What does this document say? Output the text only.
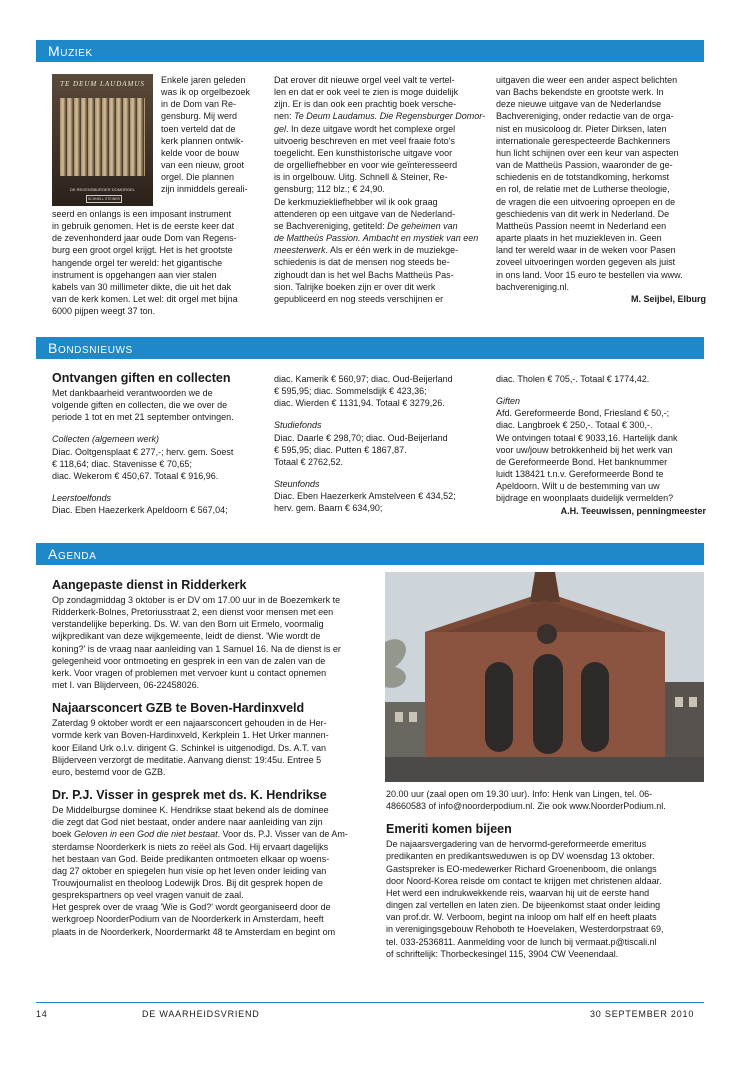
Muziek
TE DEUM LAUDAMUS
DE REGENSBURGER DOMORGEL
SCHNELL STEINER

Enkele jaren geleden

was ik op orgelbezoek

in de Dom van Re-

gensburg. Mij werd

toen verteld dat de

kerk plannen ontwik-

kelde voor de bouw

van een nieuw, groot

orgel. Die plannen

zijn inmiddels gereali-

seerd en onlangs is een imposant instrument

in gebruik genomen. Het is de eerste keer dat

de zevenhonderd jaar oude Dom van Regens-

burg een groot orgel krijgt. Het is het grootste

hangende orgel ter wereld: het gigantische

instrument is opgehangen aan vier stalen

kabels van 30 millimeter dikte, die uit het dak

van de kerk komen. Let wel: dit orgel met bijna

6000 pijpen weegt 37 ton.

Dat erover dit nieuwe orgel veel valt te vertel-

len en dat er ook veel te zien is moge duidelijk

zijn. Er is dan ook een prachtig boek versche-

nen: Te Deum Laudamus. Die Regensburger Domor-

gel. In deze uitgave wordt het complexe orgel

uitvoerig beschreven en met veel fraaie foto's

toegelicht. Een kunsthistorische uitgave voor

de orgelliefhebber en voor wie geïnteresseerd

is in orgelbouw. Uitg. Schnell & Steiner, Re-

gensburg; 112 blz.; € 24,90.

De kerkmuziekliefhebber wil ik ook graag

attenderen op een uitgave van de Nederland-

se Bachvereniging, getiteld: De geheimen van

de Mattheüs Passion. Ambacht en mystiek van een

meesterwerk. Als er één werk in de muziekge-

schiedenis is dat de mensen nog steeds be-

zighoudt dan is het wel Bachs Mattheüs Pas-

sion. Talrijke boeken zijn er over dit werk

gepubliceerd en nog steeds verschijnen er

uitgaven die weer een ander aspect belichten

van Bachs bekendste en grootste werk. In

deze nieuwe uitgave van de Nederlandse

Bachvereniging, onder redactie van de orga-

nist en musicoloog dr. Pieter Dirksen, laten

internationale gerespecteerde Bachkenners

hun licht schijnen over een keur van aspecten

van de Mattheüs Passion, waaronder de ge-

schiedenis en de totstandkoming, herkomst

en rol, de relatie met de Lutherse theologie,

de vragen die een uitvoering oproepen en de

geschiedenis van dit werk in Nederland. De

Mattheüs Passion neemt in Nederland een

aparte plaats in het muziekleven in. Geen

land ter wereld waar in de weken voor Pasen

zoveel uitvoeringen worden gegeven als juist

in ons land. Voor 15 euro te bestellen via www.

bachvereniging.nl.

M. Seijbel, Elburg

Bondsnieuws
Ontvangen giften en collecten

Met dankbaarheid verantwoorden we de

volgende giften en collecten, die we over de

periode 1 tot en met 21 september ontvingen.

Collecten (algemeen werk)

Diac. Ooltgensplaat € 277,-; herv. gem. Soest

€ 118,64; diac. Stavenisse € 70,65;

diac. Wekerom € 450,67. Totaal € 916,96.

Leerstoelfonds

Diac. Eben Haezerkerk Apeldoorn € 567,04;

diac. Kamerik € 560,97; diac. Oud-Beijerland

€ 595,95; diac. Sommelsdijk € 423,36;

diac. Wierden € 1131,94. Totaal € 3279,26.

Studiefonds

Diac. Daarle € 298,70; diac. Oud-Beijerland

€ 595,95; diac. Putten € 1867,87.

Totaal € 2762,52.

Steunfonds

Diac. Eben Haezerkerk Amstelveen € 434,52;

herv. gem. Baarn € 634,90;

diac. Tholen € 705,-. Totaal € 1774,42.

Giften

Afd. Gereformeerde Bond, Friesland € 50,-;

diac. Langbroek € 250,-. Totaal € 300,-.

We ontvingen totaal € 9033,16. Hartelijk dank

voor uw/jouw betrokkenheid bij het werk van

de Gereformeerde Bond. Het banknummer

luidt 138421 t.n.v. Gereformeerde Bond te

Apeldoorn. Wilt u de bestemming van uw

bijdrage en woonplaats duidelijk vermelden?

A.H. Teeuwissen, penningmeester

Agenda
Aangepaste dienst in Ridderkerk

Op zondagmiddag 3 oktober is er DV om 17.00 uur in de Boezemkerk te

Ridderkerk-Bolnes, Pretoriusstraat 2, een dienst voor mensen met een

verstandelijke beperking. Ds. W. van den Born uit Ermelo, voormalig

wijkpredikant van deze wijkgemeente, leidt de dienst. 'Wie wordt de

koning?' is de vraag naar aanleiding van 1 Samuel 16. Na de dienst is er

gelegenheid voor ontmoeting en gesprek in een van de zalen van de

kerk. Voor vragen of problemen met vervoer kunt u contact opnemen

met I. van Blijderveen, 06-22458026.

Najaarsconcert GZB te Boven-Hardinxveld

Zaterdag 9 oktober wordt er een najaarsconcert gehouden in de Her-

vormde kerk van Boven-Hardinxveld, Kerkplein 1. Het Urker mannen-

koor Eiland Urk o.l.v. dirigent G. Schinkel is uitgenodigd. Ds. A.T. van

Blijderveen verzorgt de meditatie. Aanvang dienst: 19:45u. Entree 5

euro, bestemd voor de GZB.

Dr. P.J. Visser in gesprek met ds. K. Hendrikse

De Middelburgse dominee K. Hendrikse staat bekend als de dominee

die zegt dat God niet bestaat, onder andere naar aanleiding van zijn

boek Geloven in een God die niet bestaat. Voor ds. P.J. Visser van de Am-

sterdamse Noorderkerk is niets zo reëel als God. Hij ervaart dagelijks

het bestaan van God. Beide predikanten ontmoeten elkaar op woens-

dag 27 oktober en spiegelen hun visie op het leven onder leiding van

Trouwjournalist en theoloog Lodewijk Dros. Bij dit gesprek hopen de

gesprekspartners op veel vragen vanuit de zaal.

Het gesprek over de vraag 'Wie is God?' wordt georganiseerd door de

werkgroep NoorderPodium van de Noorderkerk in Amsterdam, heeft

plaats in de Noorderkerk, Noordermarkt 48 te Amsterdam en begint om

20.00 uur (zaal open om 19.30 uur). Info: Henk van Lingen, tel. 06-

48660583 of info@noorderpodium.nl. Zie ook www.NoorderPodium.nl.

Emeriti komen bijeen

De najaarsvergadering van de hervormd-gereformeerde emeritus

predikanten en predikantsweduwen is op DV woensdag 13 oktober.

Gastspreker is EO-medewerker Richard Groenenboom, die onlangs

door Noord-Korea reisde om contact te krijgen met christenen aldaar.

Het werd een indrukwekkende reis, waarvan hij uit de eerste hand

dingen zal vertellen en laten zien. De bijeenkomst staat onder leiding

van prof.dr. W. Verboom, begint na inloop om half elf en heeft plaats

in verenigingsgebouw Rehoboth te Hoevelaken, Westerdorpstraat 69,

tel. 033-2536811. Aanmelding voor de lunch bij vermaat.p@tiscali.nl

of schriftelijk: Thorbeckesingel 115, 3904 CW Veenendaal.

14	DE WAARHEIDSVRIEND	30 SEPTEMBER 2010
